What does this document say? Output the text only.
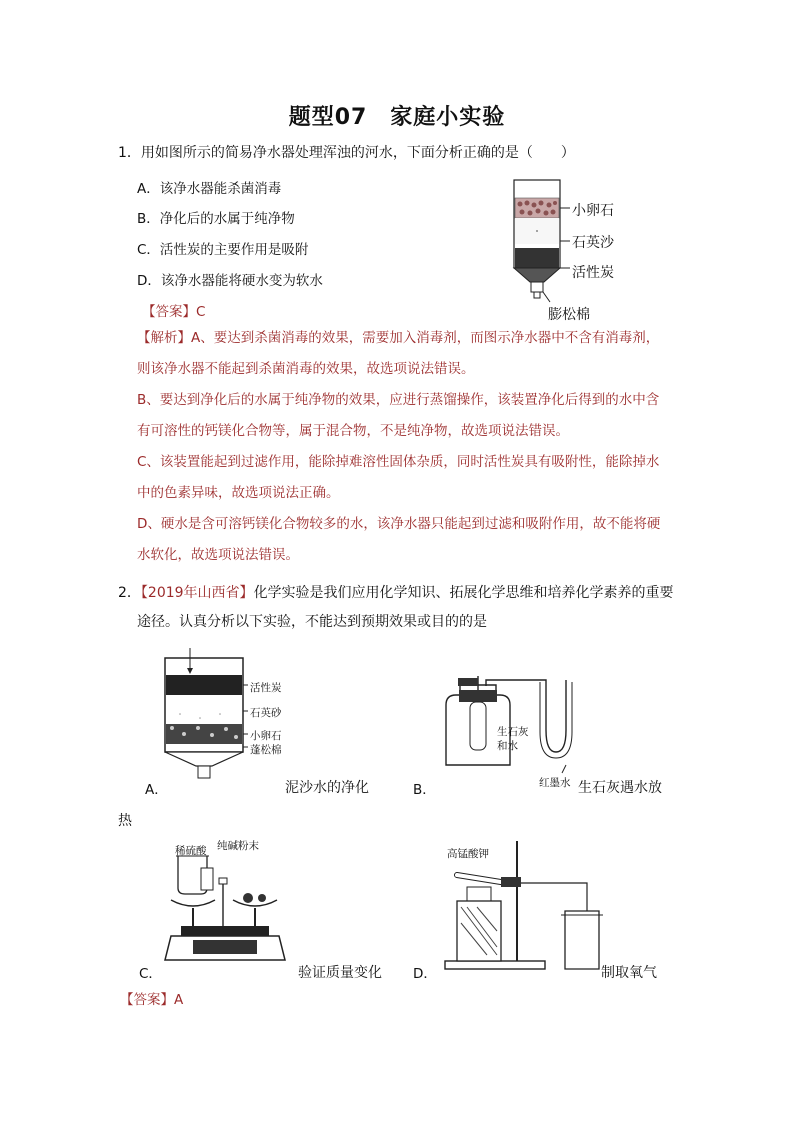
题型07　家庭小实验
1．用如图所示的简易净水器处理浑浊的河水，下面分析正确的是（　　）
A．该净水器能杀菌消毒
B．净化后的水属于纯净物
C．活性炭的主要作用是吸附
D．该净水器能将硬水变为软水
小卵石
石英沙
活性炭
膨松棉
【答案】C
【解析】A、要达到杀菌消毒的效果，需要加入消毒剂，而图示净水器中不含有消毒剂，
则该净水器不能起到杀菌消毒的效果，故选项说法错误。
B、要达到净化后的水属于纯净物的效果，应进行蒸馏操作，该装置净化后得到的水中含
有可溶性的钙镁化合物等，属于混合物，不是纯净物，故选项说法错误。
C、该装置能起到过滤作用，能除掉难溶性固体杂质，同时活性炭具有吸附性，能除掉水
中的色素异味，故选项说法正确。
D、硬水是含可溶钙镁化合物较多的水，该净水器只能起到过滤和吸附作用，故不能将硬
水软化，故选项说法错误。
2．【2019年山西省】化学实验是我们应用化学知识、拓展化学思维和培养化学素养的重要
途径。认真分析以下实验，不能达到预期效果或目的的是
活性炭
石英砂
小卵石
蓬松棉
A．	泥沙水的净化
生石灰
和水
红墨水
B．	生石灰遇水放
热
稀硫酸 纯碱粉末
C．	验证质量变化
高锰酸钾
D．	制取氧气
【答案】A
